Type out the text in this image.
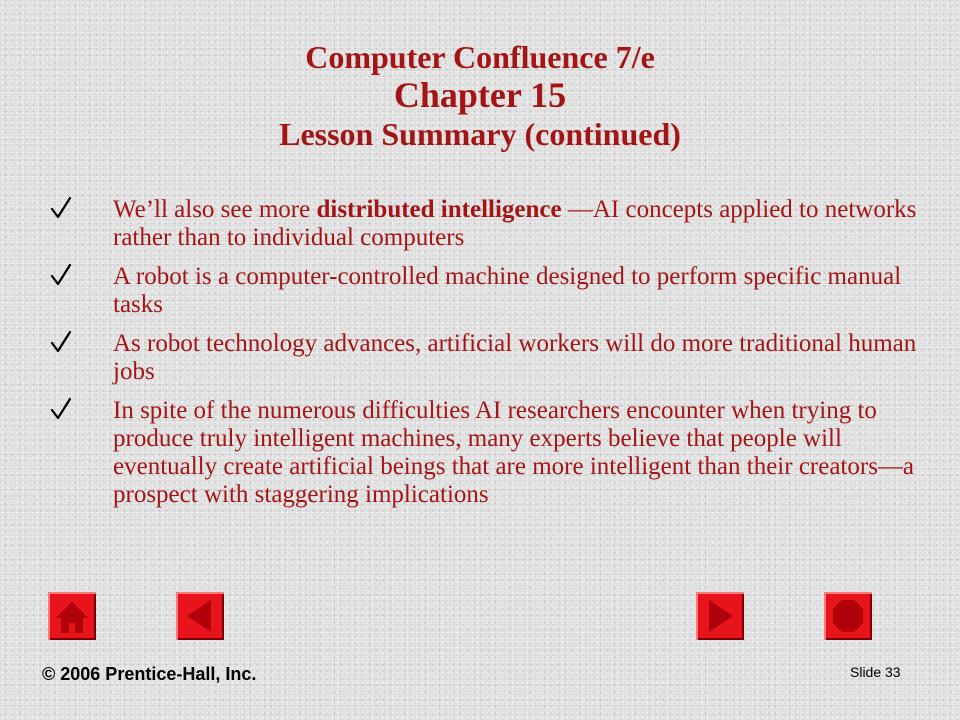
Computer Confluence 7/e
Chapter 15
Lesson Summary (continued)
We’ll also see more distributed intelligence —AI concepts applied to networks rather than to individual computers
A robot is a computer-controlled machine designed to perform specific manual tasks
As robot technology advances, artificial workers will do more traditional human jobs
In spite of the numerous difficulties AI researchers encounter when trying to produce truly intelligent machines, many experts believe that people will eventually create artificial beings that are more intelligent than their creators—a prospect with staggering implications
© 2006 Prentice-Hall, Inc.	Slide 33
